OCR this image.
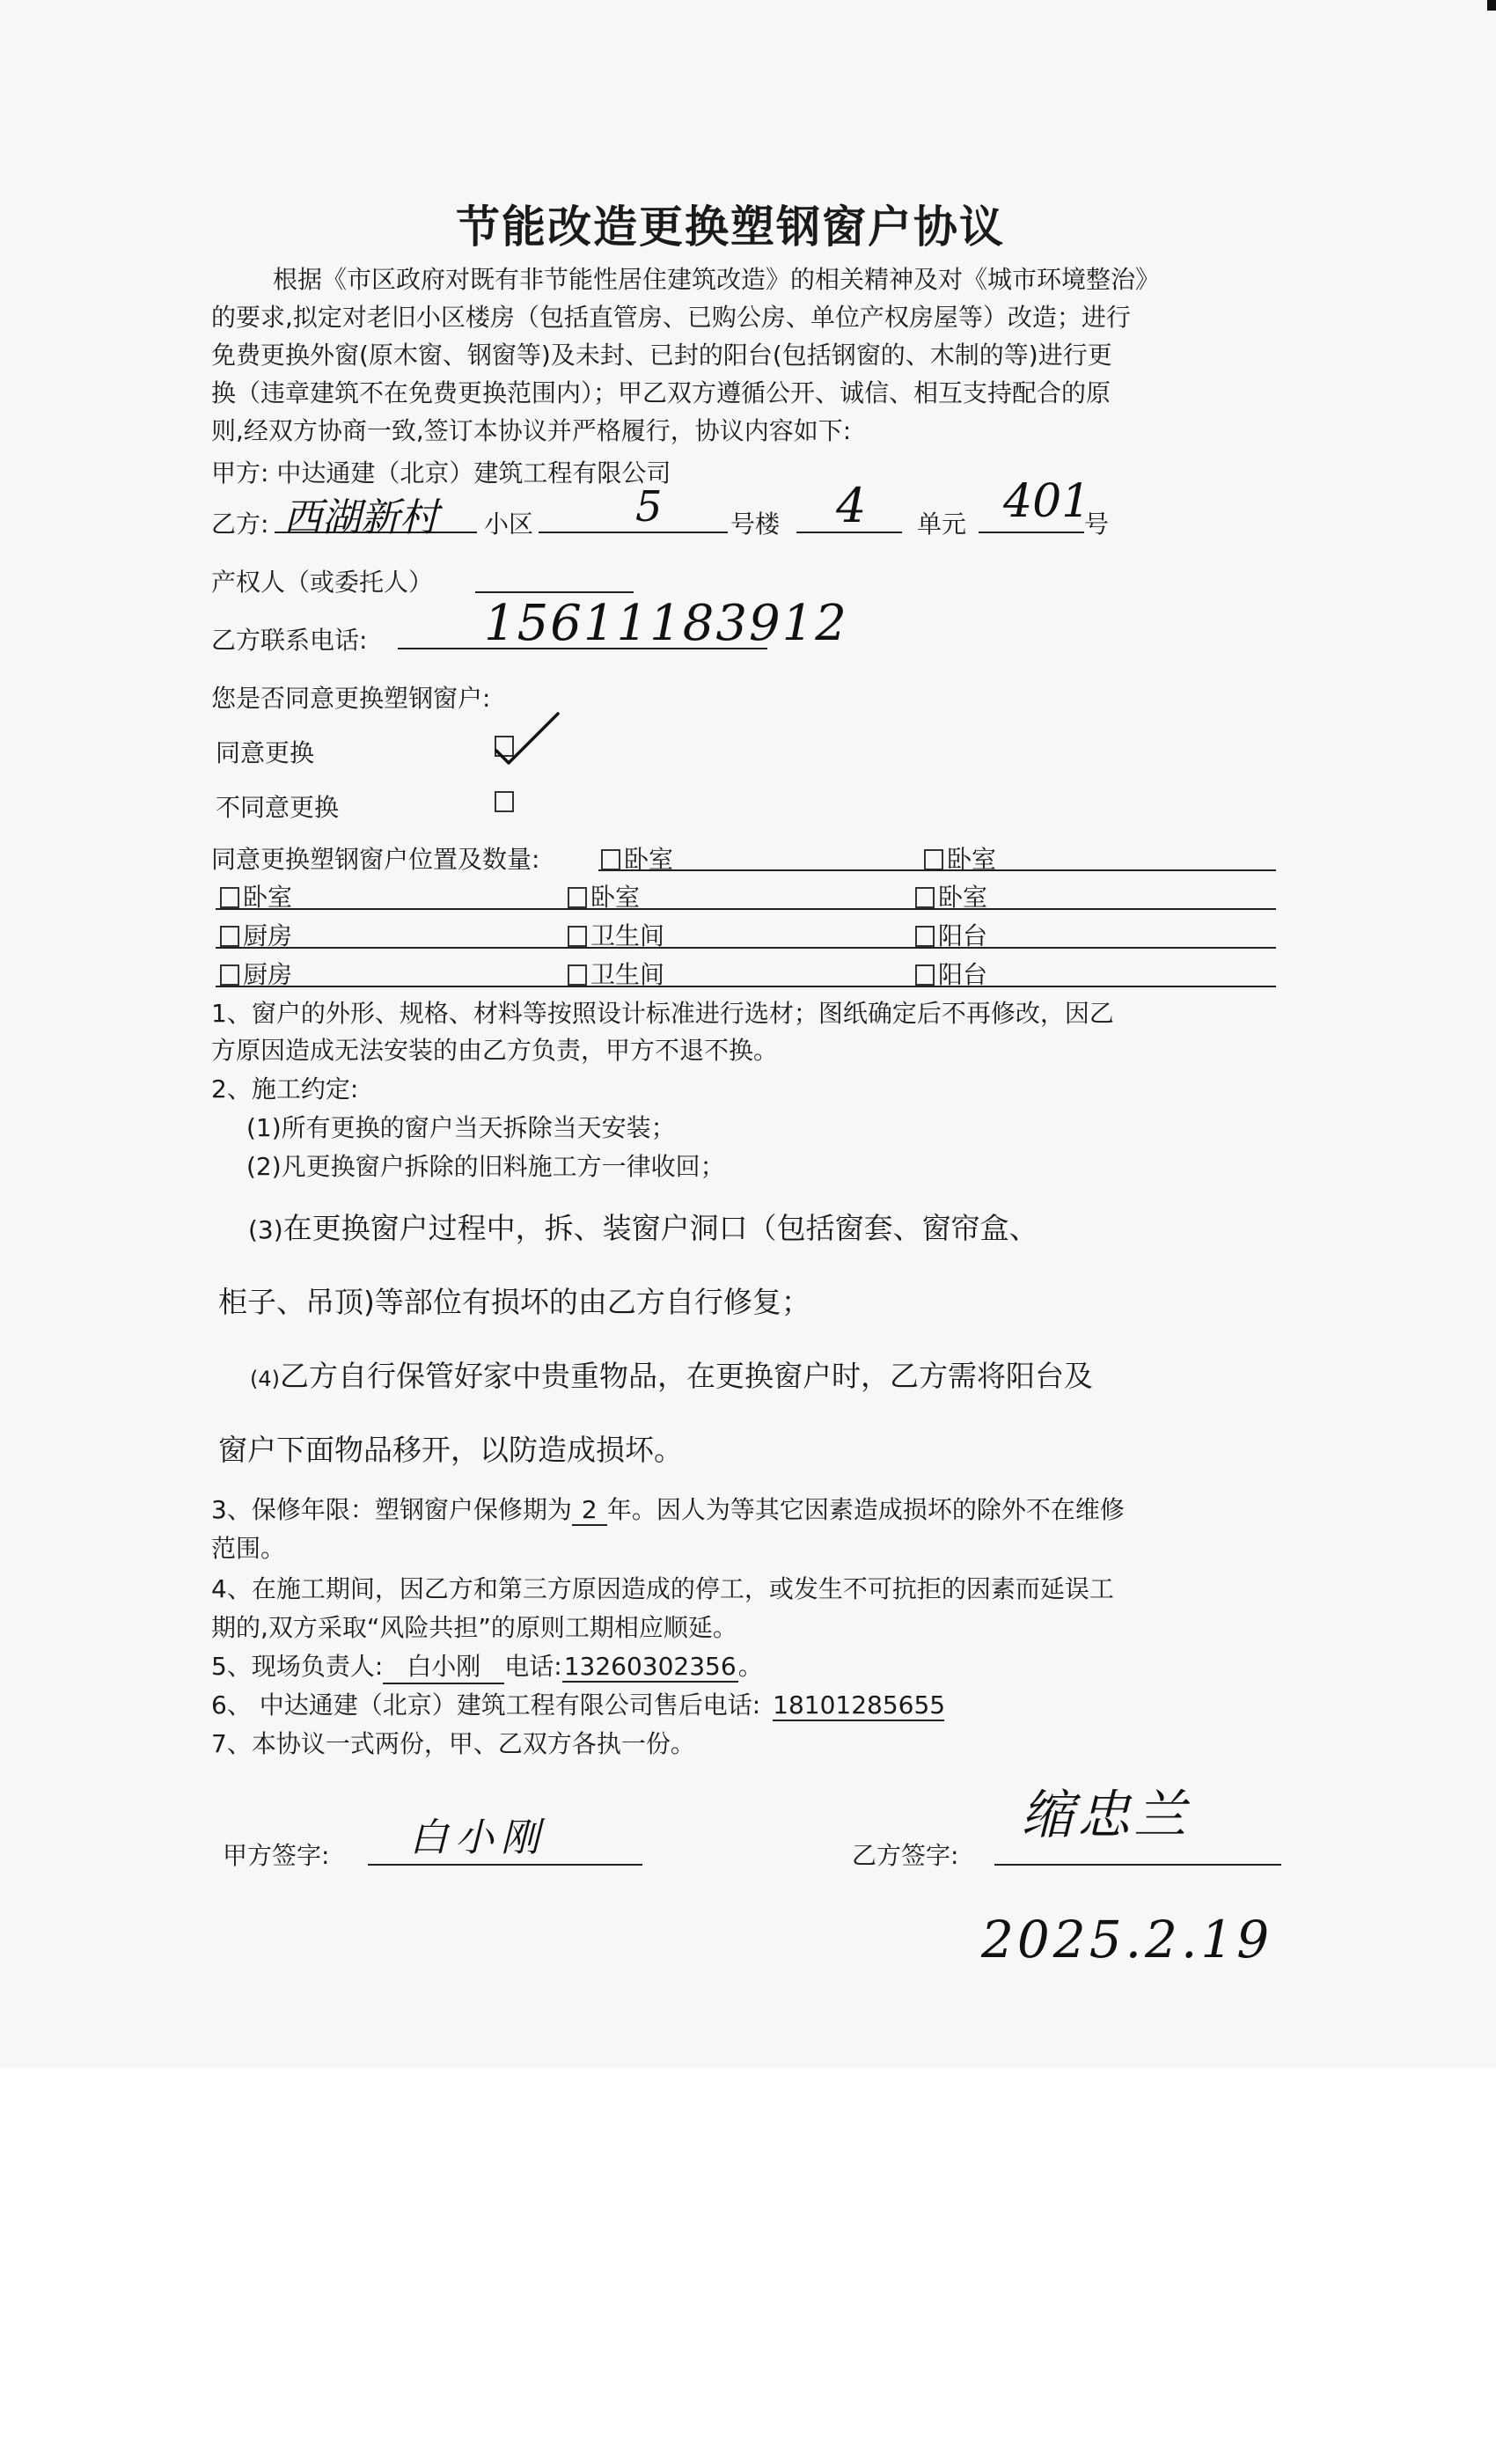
节能改造更换塑钢窗户协议
根据《市区政府对既有非节能性居住建筑改造》的相关精神及对《城市环境整治》
的要求,拟定对老旧小区楼房（包括直管房、已购公房、单位产权房屋等）改造；进行
免费更换外窗(原木窗、钢窗等)及未封、已封的阳台(包括钢窗的、木制的等)进行更
换（违章建筑不在免费更换范围内）；甲乙双方遵循公开、诚信、相互支持配合的原
则,经双方协商一致,签订本协议并严格履行，协议内容如下:
甲方: 中达通建（北京）建筑工程有限公司
乙方: 西湖新村 小区 5	号楼 4 单元 401
号
产权人（或委托人）
乙方联系电话: 15611183912
您是否同意更换塑钢窗户:
同意更换
不同意更换
同意更换塑钢窗户位置及数量:	卧室	卧室
卧室	卧室	卧室
厨房	卫生间	阳台
厨房	卫生间	阳台
1、窗户的外形、规格、材料等按照设计标准进行选材；图纸确定后不再修改，因乙
方原因造成无法安装的由乙方负责，甲方不退不换。
2、施工约定:
(1)所有更换的窗户当天拆除当天安装；
(2)凡更换窗户拆除的旧料施工方一律收回；
(3)在更换窗户过程中，拆、装窗户洞口（包括窗套、窗帘盒、
柜子、吊顶)等部位有损坏的由乙方自行修复；
(4)乙方自行保管好家中贵重物品，在更换窗户时，乙方需将阳台及
窗户下面物品移开，以防造成损坏。
3、保修年限：塑钢窗户保修期为 2 年。因人为等其它因素造成损坏的除外不在维修
范围。
4、在施工期间，因乙方和第三方原因造成的停工，或发生不可抗拒的因素而延误工
期的,双方采取“风险共担”的原则工期相应顺延。
5、现场负责人: 白小刚 电话:13260302356。
6、 中达通建（北京）建筑工程有限公司售后电话: 18101285655
7、本协议一式两份，甲、乙双方各执一份。
甲方签字: 白小刚	乙方签字:
缩忠兰
2025.2.19
